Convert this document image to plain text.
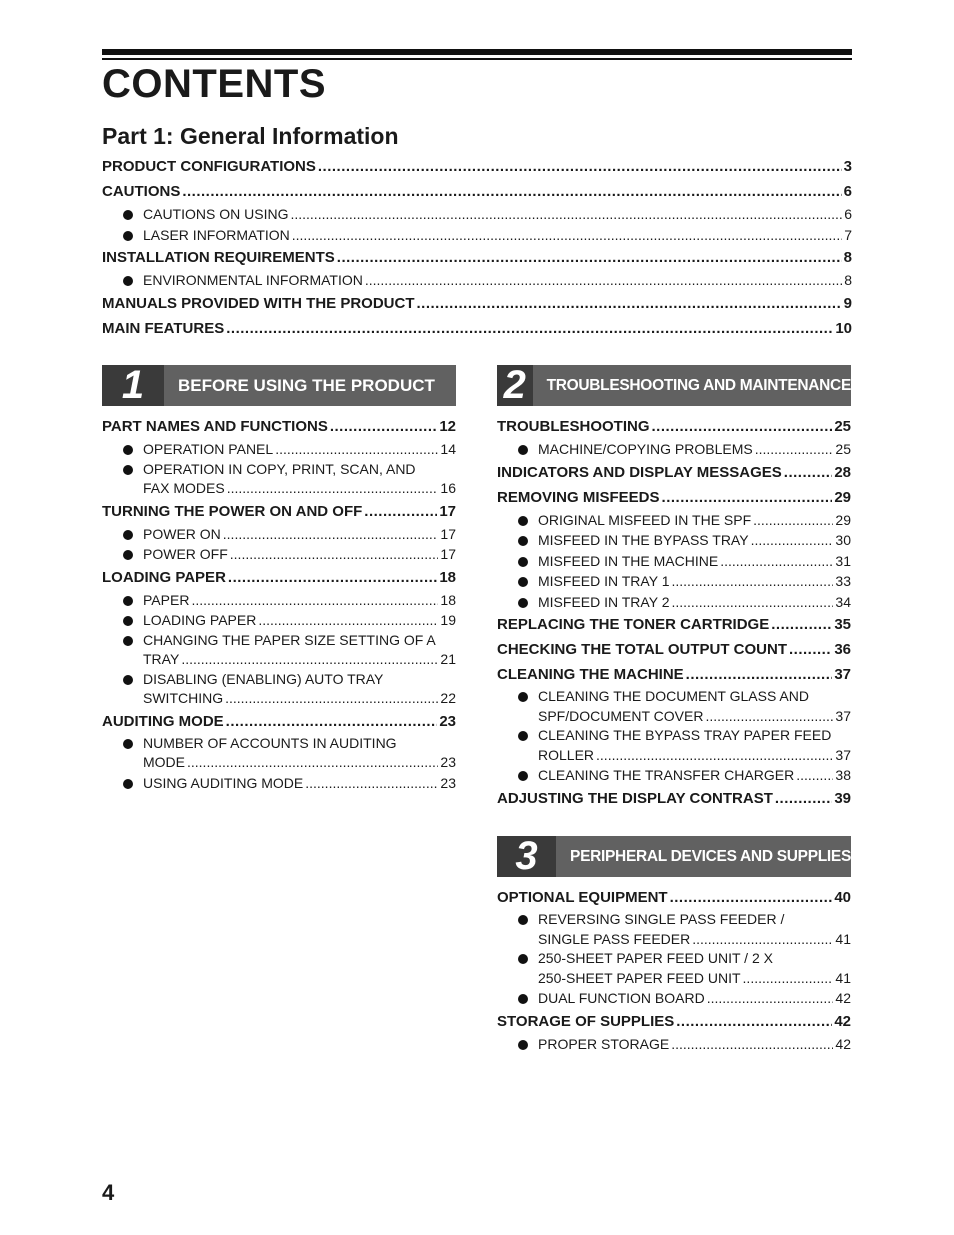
CONTENTS
Part 1: General Information
PRODUCT CONFIGURATIONS .....	3
CAUTIONS .....	6
CAUTIONS ON USING .....	6
LASER INFORMATION .....	7
INSTALLATION REQUIREMENTS .....	8
ENVIRONMENTAL INFORMATION .....	8
MANUALS PROVIDED WITH THE PRODUCT .....	9
MAIN FEATURES .....	10
1	BEFORE USING THE PRODUCT
PART NAMES AND FUNCTIONS .....	12
OPERATION PANEL .....	14
OPERATION IN COPY, PRINT, SCAN, AND
FAX MODES .....	16
TURNING THE POWER ON AND OFF .....	17
POWER ON .....	17
POWER OFF .....	17
LOADING PAPER .....	18
PAPER .....	18
LOADING PAPER .....	19
CHANGING THE PAPER SIZE SETTING OF A
TRAY .....	21
DISABLING (ENABLING) AUTO TRAY
SWITCHING .....	22
AUDITING MODE .....	23
NUMBER OF ACCOUNTS IN AUDITING
MODE .....	23
USING AUDITING MODE .....	23
2	TROUBLESHOOTING AND MAINTENANCE
TROUBLESHOOTING .....	25
MACHINE/COPYING PROBLEMS .....	25
INDICATORS AND DISPLAY MESSAGES .....	28
REMOVING MISFEEDS .....	29
ORIGINAL MISFEED IN THE SPF .....	29
MISFEED IN THE BYPASS TRAY .....	30
MISFEED IN THE MACHINE .....	31
MISFEED IN TRAY 1 .....	33
MISFEED IN TRAY 2 .....	34
REPLACING THE TONER CARTRIDGE .....	35
CHECKING THE TOTAL OUTPUT COUNT .....	36
CLEANING THE MACHINE .....	37
CLEANING THE DOCUMENT GLASS AND
SPF/DOCUMENT COVER .....	37
CLEANING THE BYPASS TRAY PAPER FEED
ROLLER .....	37
CLEANING THE TRANSFER CHARGER .....	38
ADJUSTING THE DISPLAY CONTRAST .....	39
3	PERIPHERAL DEVICES AND SUPPLIES
OPTIONAL EQUIPMENT .....	40
REVERSING SINGLE PASS FEEDER /
SINGLE PASS FEEDER .....	41
250-SHEET PAPER FEED UNIT / 2 X
250-SHEET PAPER FEED UNIT .....	41
DUAL FUNCTION BOARD .....	42
STORAGE OF SUPPLIES .....	42
PROPER STORAGE .....	42
4
